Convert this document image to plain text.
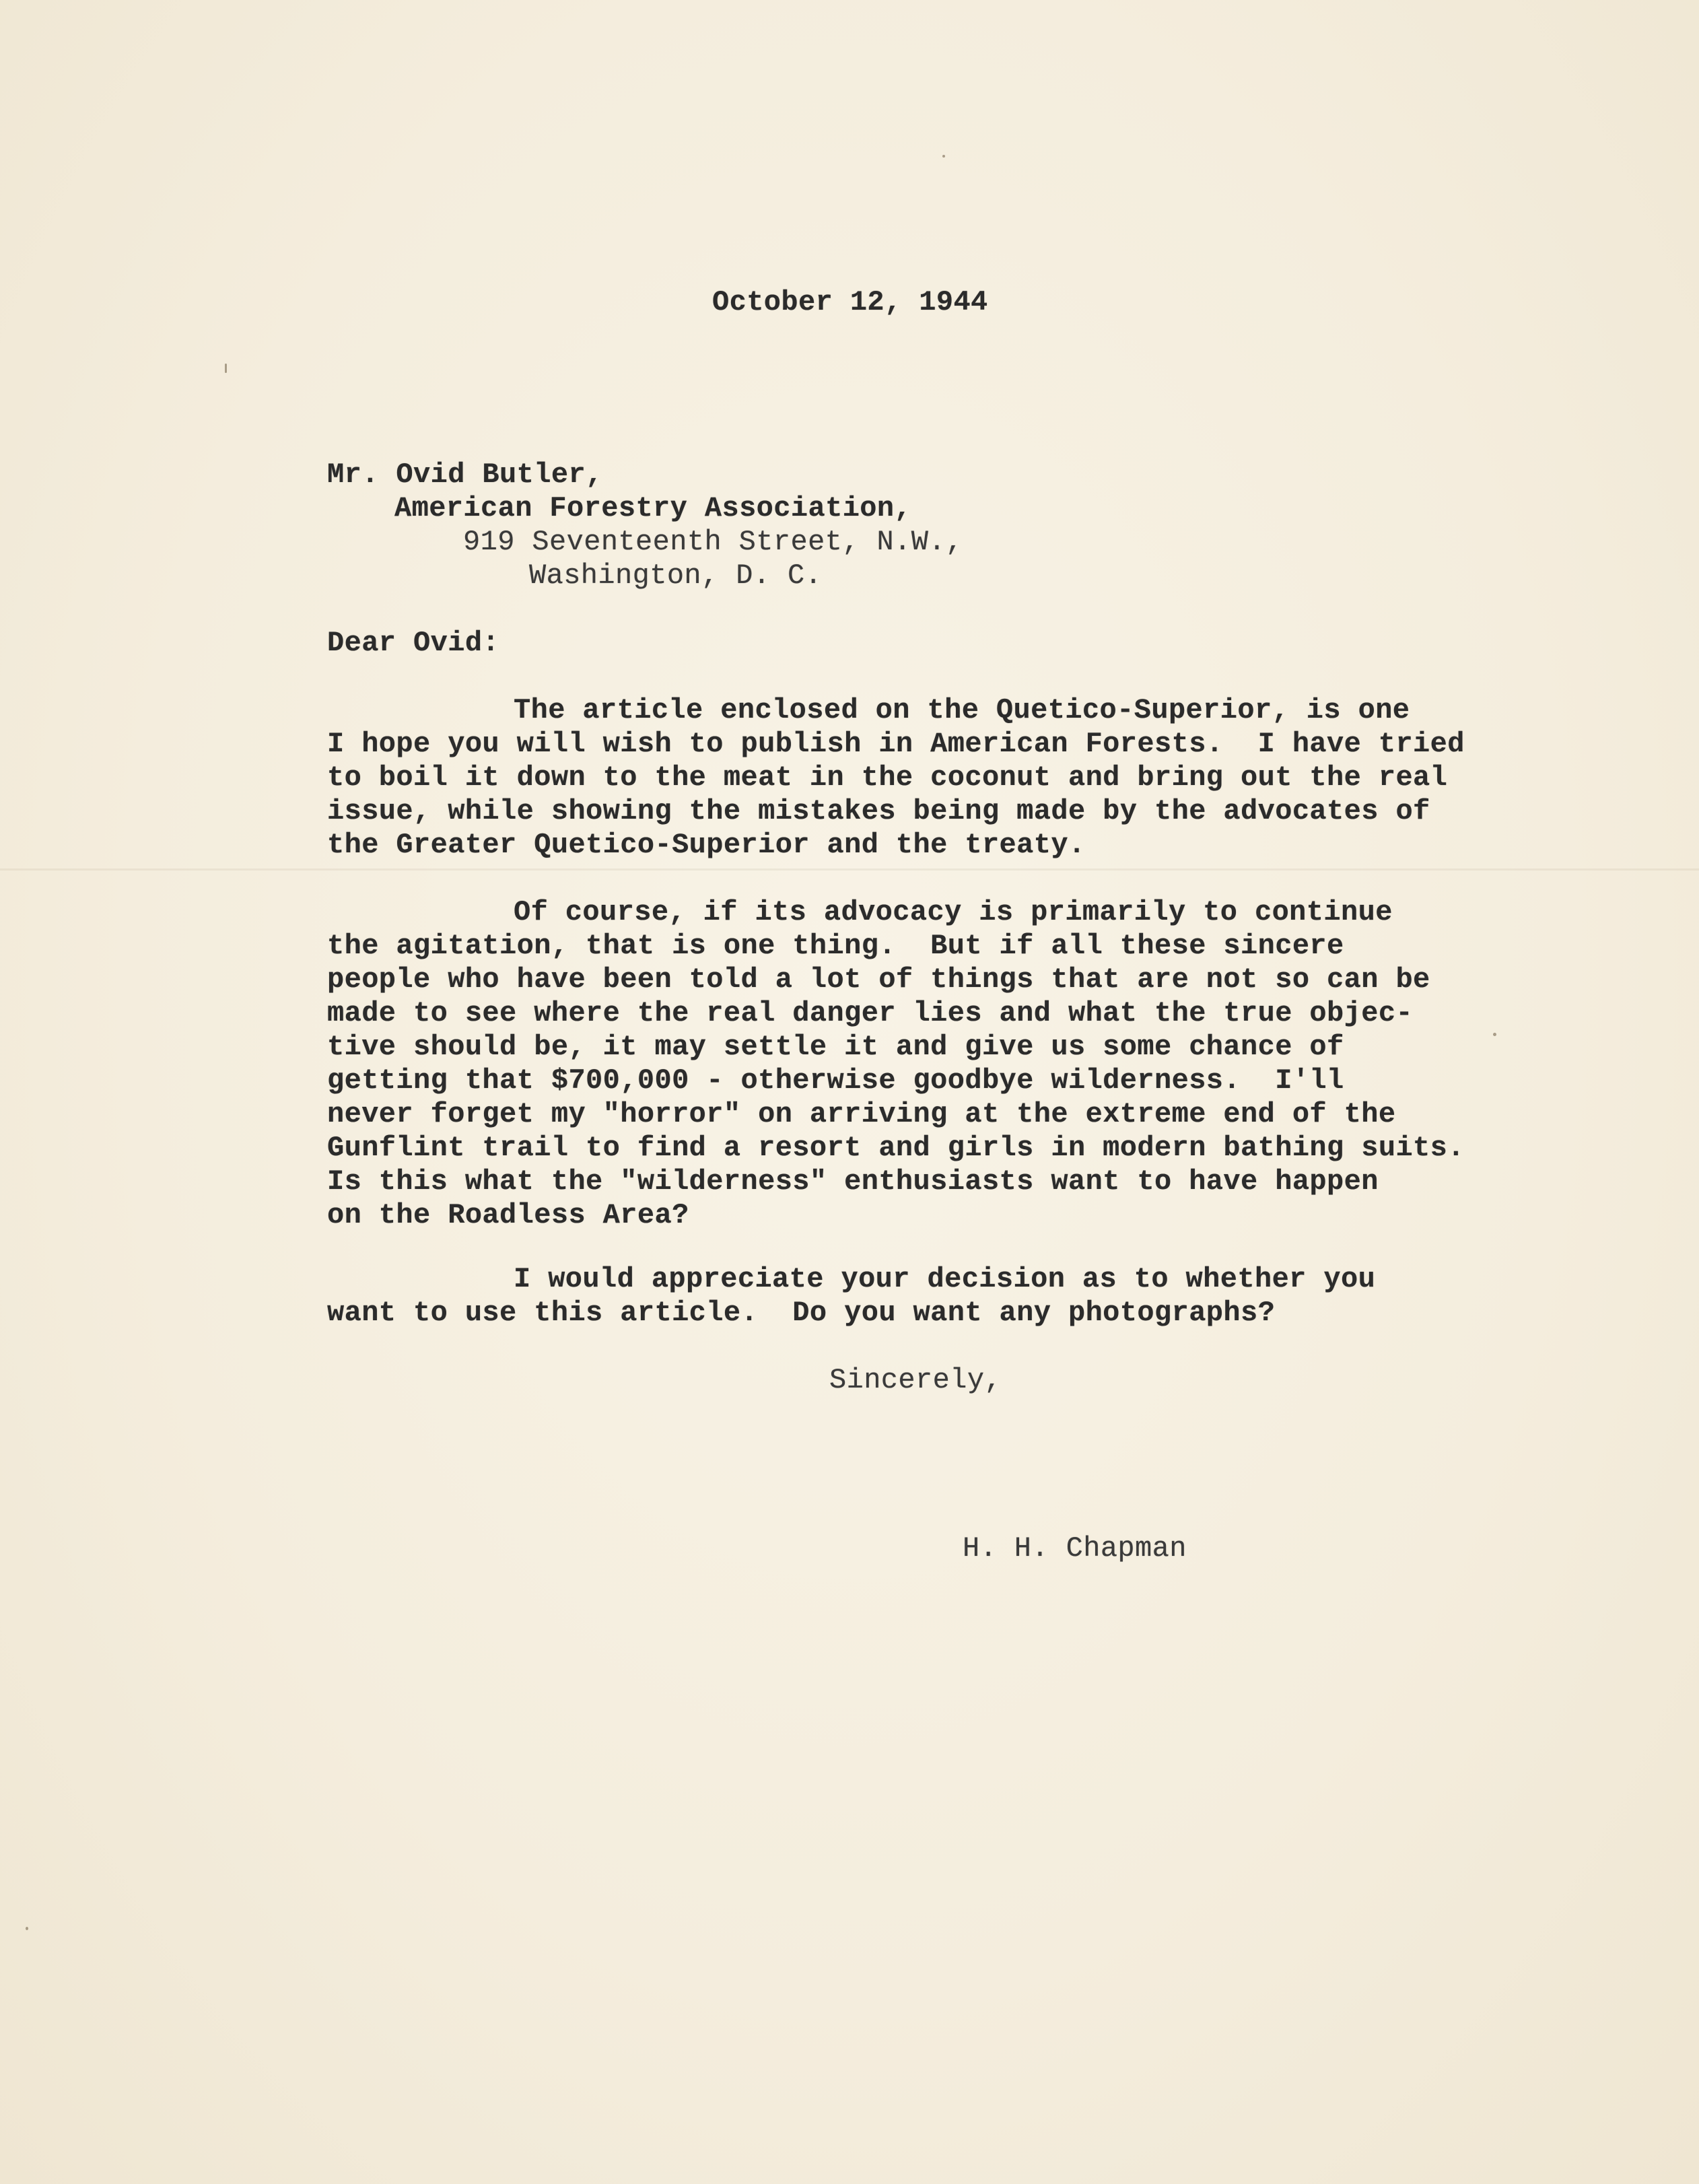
October 12, 1944
Mr. Ovid Butler,
American Forestry Association,
919 Seventeenth Street, N.W.,
Washington, D. C.
Dear Ovid:
The article enclosed on the Quetico-Superior, is one
I hope you will wish to publish in American Forests.  I have tried
to boil it down to the meat in the coconut and bring out the real
issue, while showing the mistakes being made by the advocates of
the Greater Quetico-Superior and the treaty.
Of course, if its advocacy is primarily to continue
the agitation, that is one thing.  But if all these sincere
people who have been told a lot of things that are not so can be
made to see where the real danger lies and what the true objec-
tive should be, it may settle it and give us some chance of
getting that $700,000 - otherwise goodbye wilderness.  I'll
never forget my "horror" on arriving at the extreme end of the
Gunflint trail to find a resort and girls in modern bathing suits.
Is this what the "wilderness" enthusiasts want to have happen
on the Roadless Area?
I would appreciate your decision as to whether you
want to use this article.  Do you want any photographs?
Sincerely,
H. H. Chapman
